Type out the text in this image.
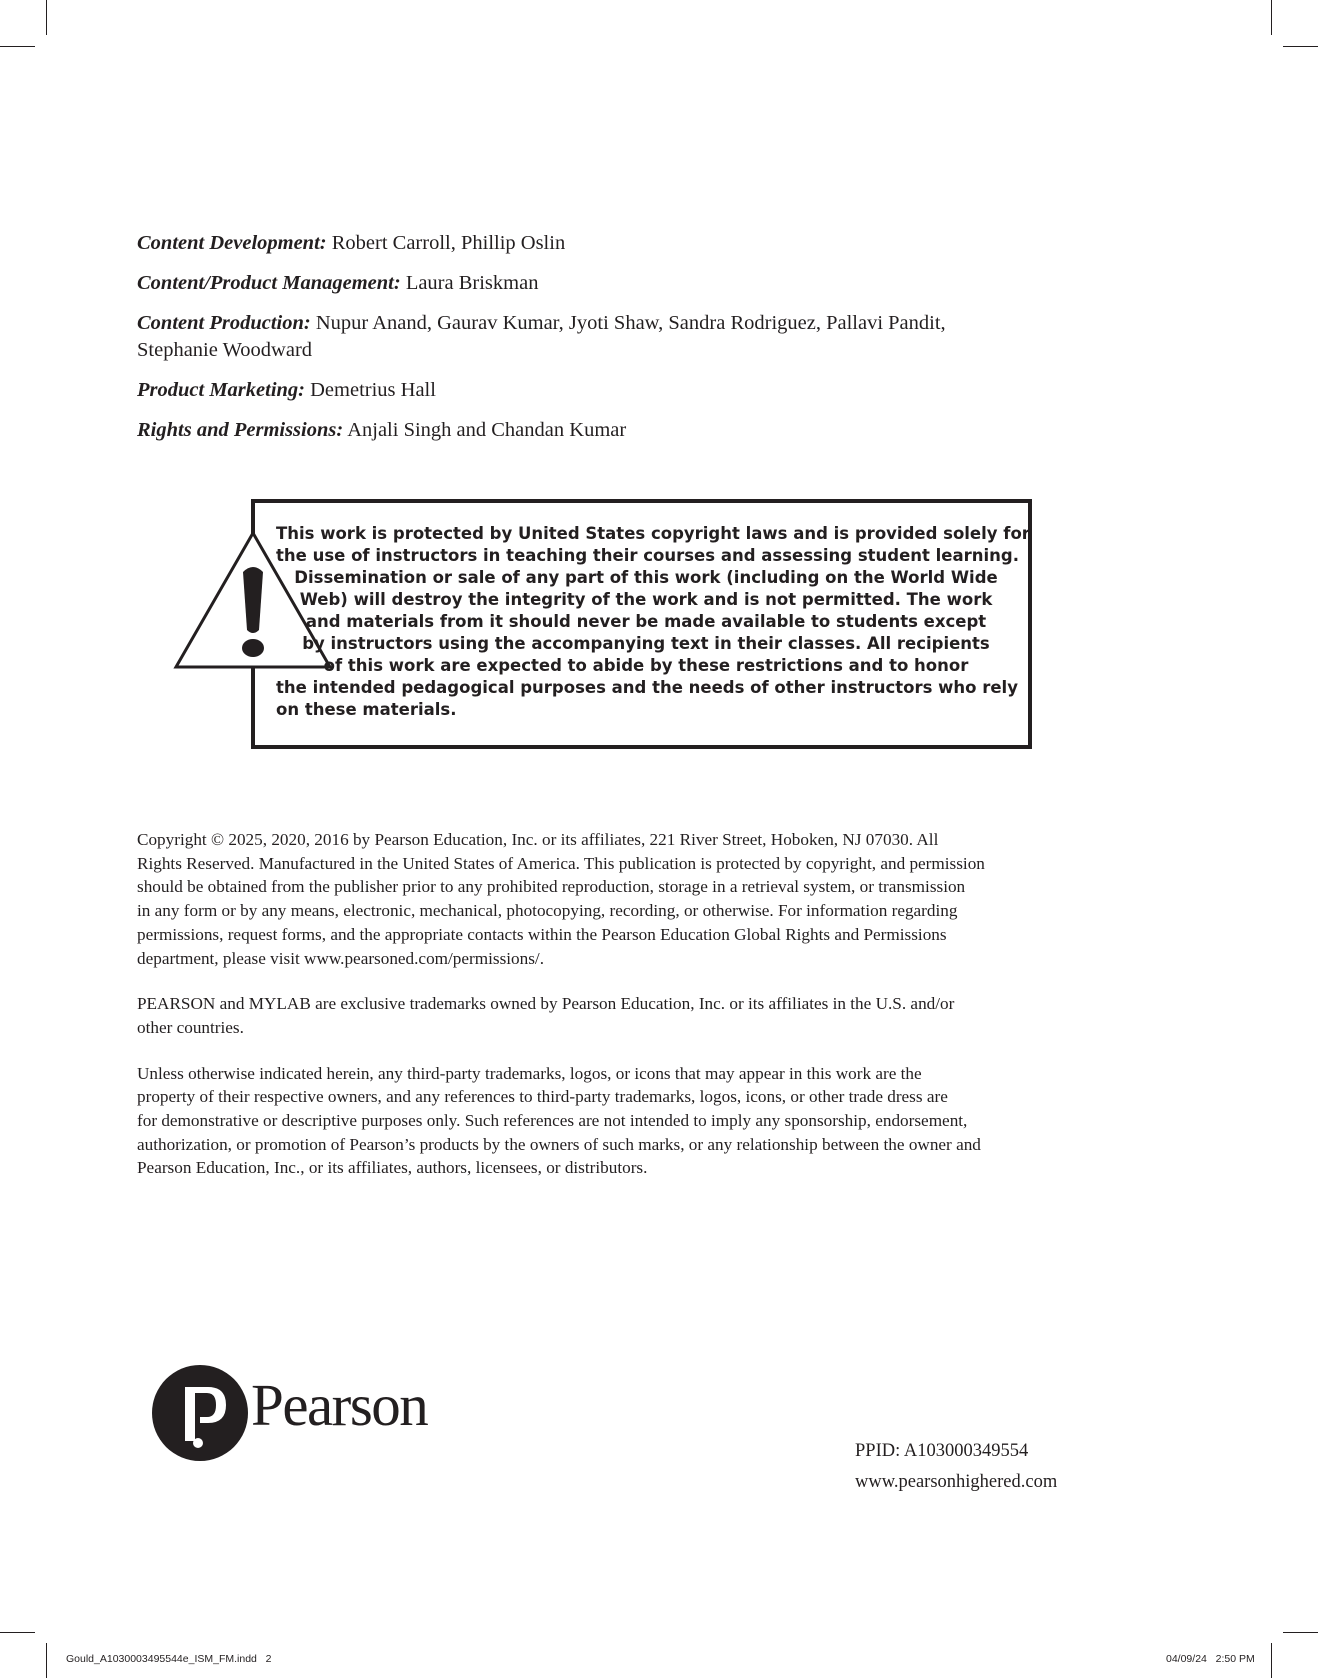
Content Development: Robert Carroll, Phillip Oslin
Content/Product Management: Laura Briskman
Content Production: Nupur Anand, Gaurav Kumar, Jyoti Shaw, Sandra Rodriguez, Pallavi Pandit,
Stephanie Woodward
Product Marketing: Demetrius Hall
Rights and Permissions: Anjali Singh and Chandan Kumar
This work is protected by United States copyright laws and is provided solely for
the use of instructors in teaching their courses and assessing student learning.
Dissemination or sale of any part of this work (including on the World Wide
Web) will destroy the integrity of the work and is not permitted. The work
and materials from it should never be made available to students except
by instructors using the accompanying text in their classes. All recipients
of this work are expected to abide by these restrictions and to honor
the intended pedagogical purposes and the needs of other instructors who rely
on these materials.

Copyright © 2025, 2020, 2016 by Pearson Education, Inc. or its affiliates, 221 River Street, Hoboken, NJ 07030. All
Rights Reserved. Manufactured in the United States of America. This publication is protected by copyright, and permission
should be obtained from the publisher prior to any prohibited reproduction, storage in a retrieval system, or transmission
in any form or by any means, electronic, mechanical, photocopying, recording, or otherwise. For information regarding
permissions, request forms, and the appropriate contacts within the Pearson Education Global Rights and Permissions
department, please visit www.pearsoned.com/permissions/.

PEARSON and MYLAB are exclusive trademarks owned by Pearson Education, Inc. or its affiliates in the U.S. and/or
other countries.

Unless otherwise indicated herein, any third-party trademarks, logos, or icons that may appear in this work are the
property of their respective owners, and any references to third-party trademarks, logos, icons, or other trade dress are
for demonstrative or descriptive purposes only. Such references are not intended to imply any sponsorship, endorsement,
authorization, or promotion of Pearson’s products by the owners of such marks, or any relationship between the owner and
Pearson Education, Inc., or its affiliates, authors, licensees, or distributors.

Pearson
PPID: A103000349554
www.pearsonhighered.com
Gould_A1030003495544e_ISM_FM.indd   2	04/09/24   2:50 PM
